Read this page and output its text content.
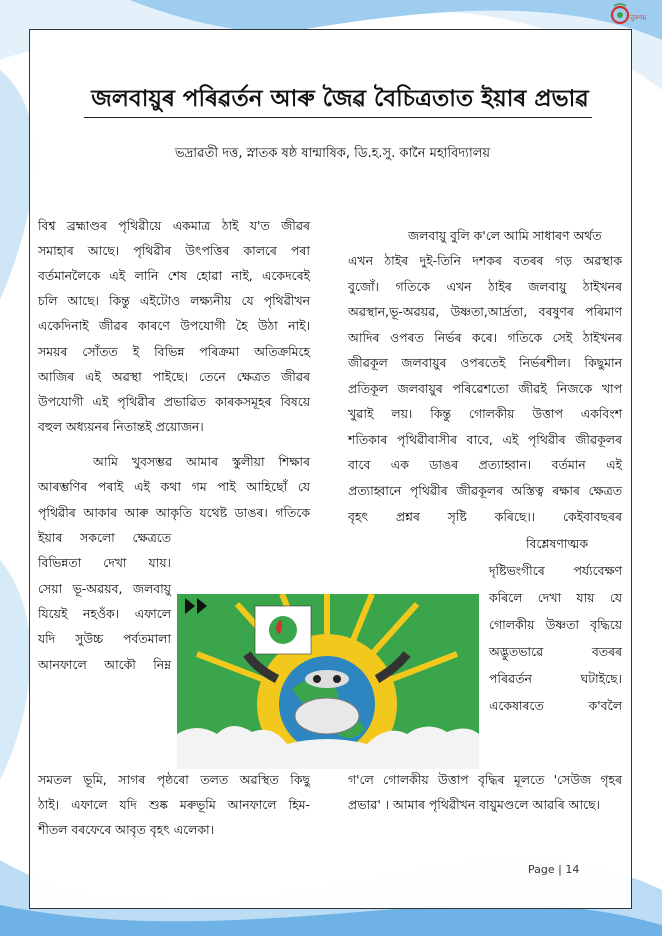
নুৰণম
জলবায়ুৰ পৰিৱৰ্তন আৰু জৈৱ বৈচিত্ৰতাত ইয়াৰ প্ৰভাৱ
ভদ্ৰাৱতী দত্ত, স্নাতক ষষ্ঠ ষান্মাষিক, ডি.হ.সু. কানৈ মহাবিদ্যালয়
বিশ্ব ব্ৰহ্মাণ্ডৰ পৃথিৱীয়ে একমাত্ৰ ঠাই য'ত জীৱৰ
সমাহাৰ আছে। পৃথিৱীৰ উৎপত্তিৰ কালৰে পৰা
বৰ্তমানলৈকে এই লানি শেষ হোৱা নাই, একেদৰেই
চলি আছে। কিন্তু এইটোও লক্ষ্যনীয় যে পৃথিৱীখন
একেদিনাই জীৱৰ কাৰণে উপযোগী হৈ উঠা নাই।
সময়ৰ সোঁতত ই বিভিন্ন পৰিক্ৰমা অতিক্ৰমিহে
আজিৰ এই অৱস্থা পাইছে। তেনে ক্ষেত্ৰত জীৱৰ
উপযোগী এই পৃথিৱীৰ প্ৰভাৱিত কাৰকসমূহৰ বিষয়ে
বহুল অধ্যয়নৰ নিতান্তই প্ৰয়োজন।
আমি খুবসম্ভৱ আমাৰ স্কুলীয়া শিক্ষাৰ
আৰম্ভণিৰ পৰাই এই কথা গম পাই আহিছোঁ যে
পৃথিৱীৰ আকাৰ আৰু আকৃতি যথেষ্ট ডাঙৰ। গতিকে
ইয়াৰ সকলো ক্ষেত্ৰতে
বিভিন্নতা দেখা যায়।
সেয়া ভূ-অৱয়ব, জলবায়ু
যিয়েই নহওঁক। এফালে
যদি সুউচ্চ পৰ্বতমালা
আনফালে আকৌ নিম্ন
সমতল ভূমি, সাগৰ পৃষ্ঠৰো তলত অৱস্থিত কিছু
ঠাই। এফালে যদি শুষ্ক মৰুভূমি আনফালে হিম-
শীতল বৰফেৰে আবৃত বৃহৎ এলেকা।
জলবায়ু বুলি ক'লে আমি সাধাৰণ অৰ্থত
এখন ঠাইৰ দুই-তিনি দশকৰ বতৰৰ গড় অৱস্থাক
বুজোঁ। গতিকে এখন ঠাইৰ জলবায়ু ঠাইখনৰ
অৱস্থান,ভূ-অৱয়ৱ, উষ্ণতা,আৰ্দ্ৰতা, বৰষুণৰ পৰিমাণ
আদিৰ ওপৰত নিৰ্ভৰ কৰে। গতিকে সেই ঠাইখনৰ
জীৱকূল জলবায়ুৰ ওপৰতেই নিৰ্ভৰশীল। কিছুমান
প্ৰতিকূল জলবায়ুৰ পৰিৱেশতো জীৱই নিজকে খাপ
খুৱাই লয়। কিন্তু গোলকীয় উত্তাপ একবিংশ
শতিকাৰ পৃথিৱীবাসীৰ বাবে, এই পৃথিৱীৰ জীৱকূলৰ
বাবে এক ডাঙৰ প্ৰত্যাহ্বান। বৰ্তমান এই
প্ৰত্যাহ্বানে পৃথিৱীৰ জীৱকূলৰ অস্তিত্ব ৰক্ষাৰ ক্ষেত্ৰত
বৃহৎ প্ৰশ্নৰ সৃষ্টি কৰিছে।। কেইবাবছৰৰ
বিশ্লেষণাত্মক
দৃষ্টিভংগীৰে পৰ্য্যবেক্ষণ
কৰিলে দেখা যায় যে
গোলকীয় উষ্ণতা বৃদ্ধিয়ে
অদ্ভুতভাৱে বতৰৰ
পৰিৱৰ্তন ঘটাইছে।
একেষাৰতে ক'বলৈ
গ'লে গোলকীয় উত্তাপ বৃদ্ধিৰ মূলতে 'সেউজ গৃহৰ
প্ৰভাৱ' । আমাৰ পৃথিৱীখন বায়ুমণ্ডলে আৱৰি আছে।
Page | 14
